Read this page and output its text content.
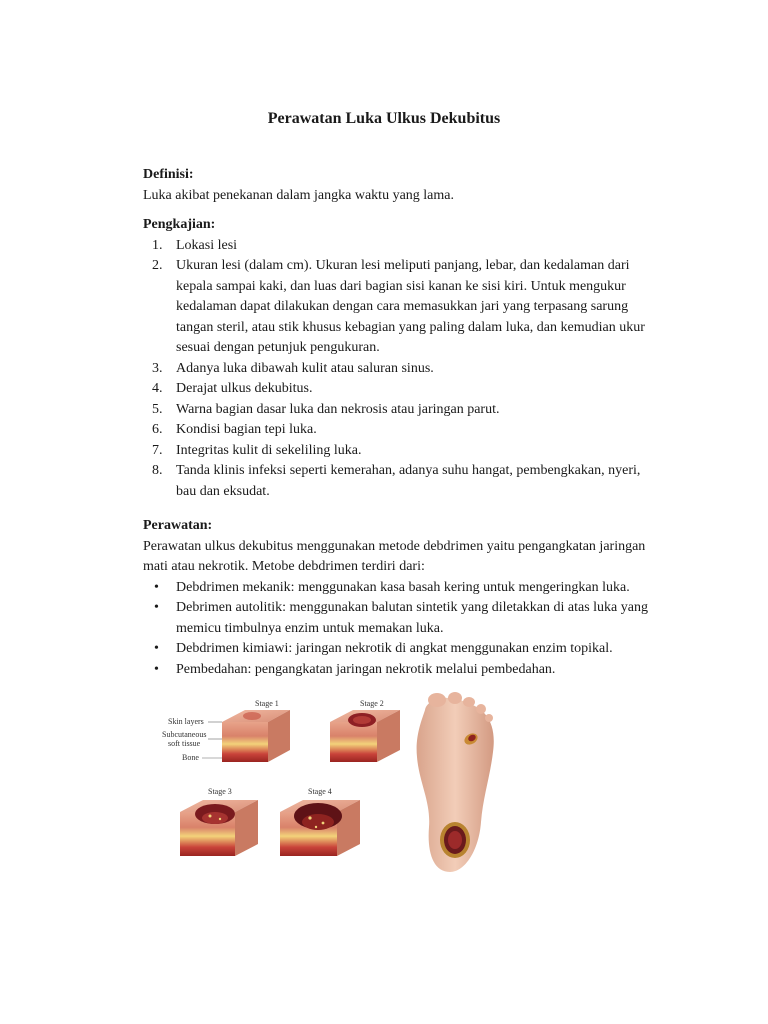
Perawatan Luka Ulkus Dekubitus

Definisi:

Luka akibat penekanan dalam jangka waktu yang lama.

Pengkajian:

1. Lokasi lesi
2. Ukuran lesi (dalam cm). Ukuran lesi meliputi panjang, lebar, dan kedalaman dari kepala sampai kaki, dan luas dari bagian sisi kanan ke sisi kiri. Untuk mengukur kedalaman dapat dilakukan dengan cara memasukkan jari yang terpasang sarung tangan steril, atau stik khusus kebagian yang paling dalam luka, dan kemudian ukur sesuai dengan petunjuk pengukuran.
3. Adanya luka dibawah kulit atau saluran sinus.
4. Derajat ulkus dekubitus.
5. Warna bagian dasar luka dan nekrosis atau jaringan parut.
6. Kondisi bagian tepi luka.
7. Integritas kulit di sekeliling luka.
8. Tanda klinis infeksi seperti kemerahan, adanya suhu hangat, pembengkakan, nyeri, bau dan eksudat.

Perawatan:

Perawatan ulkus dekubitus menggunakan metode debdrimen yaitu pengangkatan jaringan mati atau nekrotik. Metobe debdrimen terdiri dari:

• Debdrimen mekanik: menggunakan kasa basah kering untuk mengeringkan luka.
• Debrimen autolitik: menggunakan balutan sintetik yang diletakkan di atas luka yang memicu timbulnya enzim untuk memakan luka.
• Debdrimen kimiawi: jaringan nekrotik di angkat menggunakan enzim topikal.
• Pembedahan: pengangkatan jaringan nekrotik melalui pembedahan.
Stage 1
Skin layers
Subcutaneous
soft tissue
Bone
Stage 2
Stage 3	Stage 4
